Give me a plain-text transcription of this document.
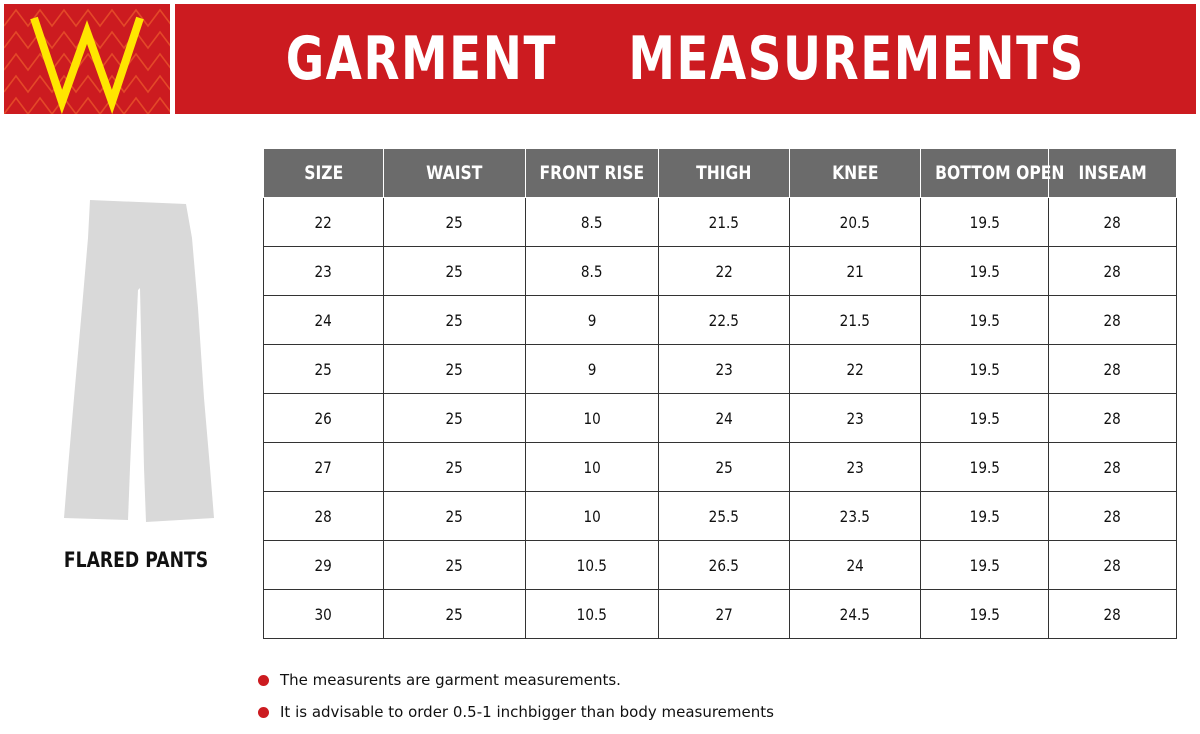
GARMENT    MEASUREMENTS
FLARED PANTS
SIZE	WAIST	FRONT RISE	THIGH	KNEE	BOTTOM OPEN	INSEAM
22	25	8.5	21.5	20.5	19.5	28
23	25	8.5	22	21	19.5	28
24	25	9	22.5	21.5	19.5	28
25	25	9	23	22	19.5	28
26	25	10	24	23	19.5	28
27	25	10	25	23	19.5	28
28	25	10	25.5	23.5	19.5	28
29	25	10.5	26.5	24	19.5	28
30	25	10.5	27	24.5	19.5	28
The measurents are garment measurements.
It is advisable to order 0.5-1 inchbigger than body measurements
